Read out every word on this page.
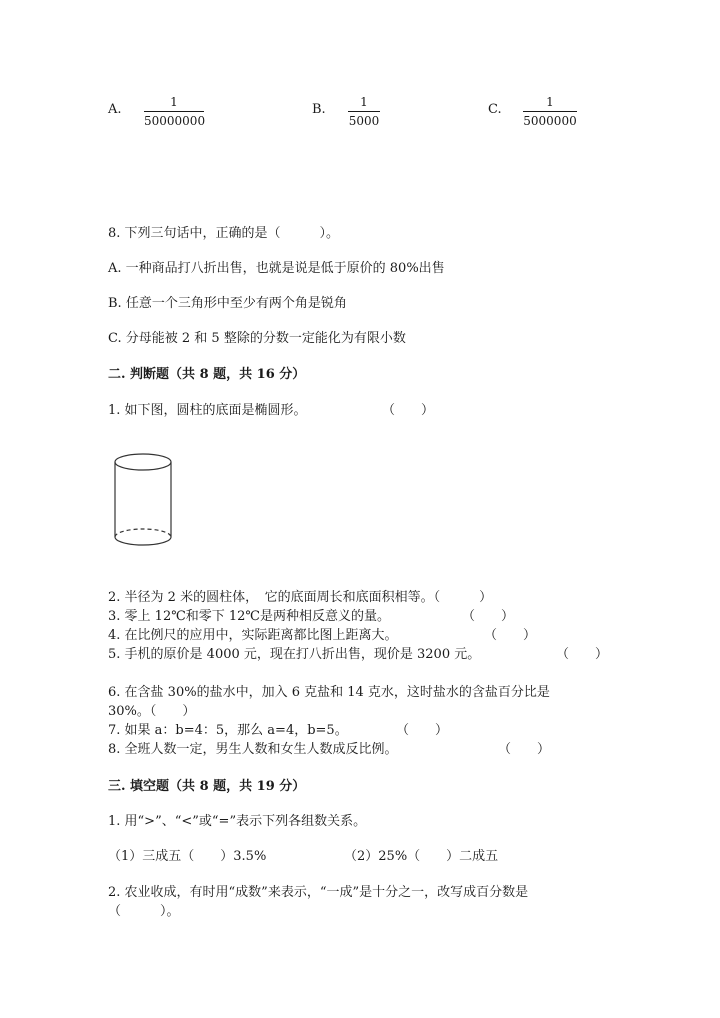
A. $\frac{1}{50000000}$	B. $\frac{1}{5000}$	C. $\frac{1}{5000000}$
8. 下列三句话中，正确的是（　　　）。
A. 一种商品打八折出售，也就是说是低于原价的 80%出售
B. 任意一个三角形中至少有两个角是锐角
C. 分母能被 2 和 5 整除的分数一定能化为有限小数
二. 判断题（共 8 题，共 16 分）
1. 如下图，圆柱的底面是椭圆形。	（　　）
2. 半径为 2 米的圆柱体，　它的底面周长和底面积相等。（　　　）
3. 零上 12℃和零下 12℃是两种相反意义的量。	（　　）
4. 在比例尺的应用中，实际距离都比图上距离大。	（　　）
5. 手机的原价是 4000 元，现在打八折出售，现价是 3200 元。	（　　）
6. 在含盐 30%的盐水中，加入 6 克盐和 14 克水，这时盐水的含盐百分比是
30%。（　　）
7. 如果 a：b=4：5，那么 a=4，b=5。	（　　）
8. 全班人数一定，男生人数和女生人数成反比例。	（　　）
三. 填空题（共 8 题，共 19 分）
1. 用“>”、“<”或“=”表示下列各组数关系。
（1）三成五（　　）3.5%	（2）25%（　　）二成五
2. 农业收成，有时用“成数”来表示，“一成”是十分之一，改写成百分数是
（　　　）。
